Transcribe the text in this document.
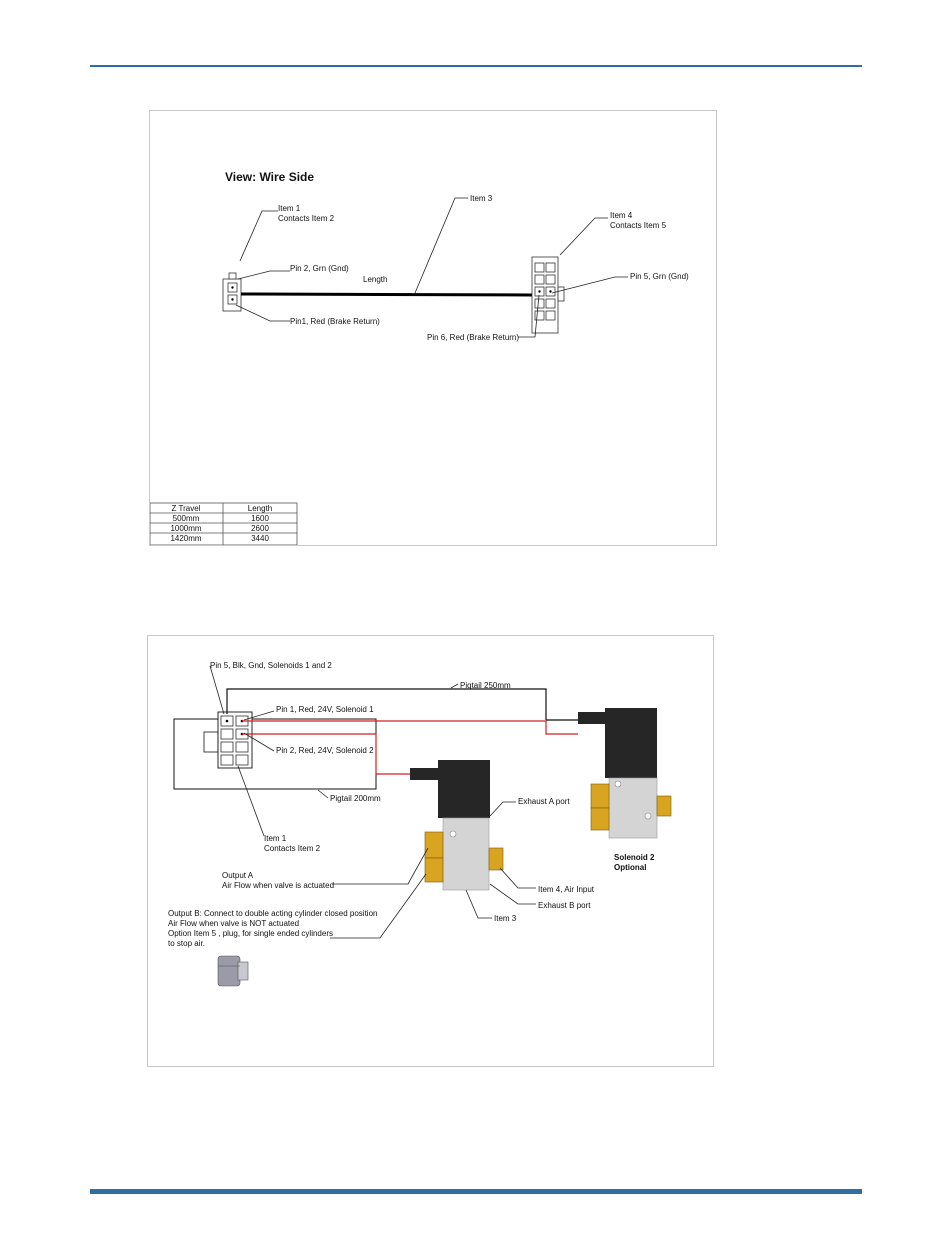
View: Wire Side
Item 1
Contacts Item 2
Pin 2, Grn (Gnd)
Pin1, Red (Brake Return)
Length
Item 3
Item 4
Contacts Item 5
Pin 5, Grn (Gnd)
Pin 6, Red (Brake Return)
Z Travel	Length
500mm	1600
1000mm	2600
1420mm	3440
Pin 5, Blk, Gnd, Solenoids 1 and 2
Pigtail 250mm
Pin 1, Red, 24V, Solenoid 1
Pin 2, Red, 24V, Solenoid 2
Pigtail 200mm
Item 1
Contacts Item 2
Exhaust A port
Output A
Air Flow when valve is actuated	Item 4, Air Input
Exhaust B port
Item 3
Output B: Connect to double acting cylinder closed position
Air Flow when valve is NOT actuated
Option Item 5 , plug, for single ended cylinders
to stop air.
Solenoid 2
Optional
